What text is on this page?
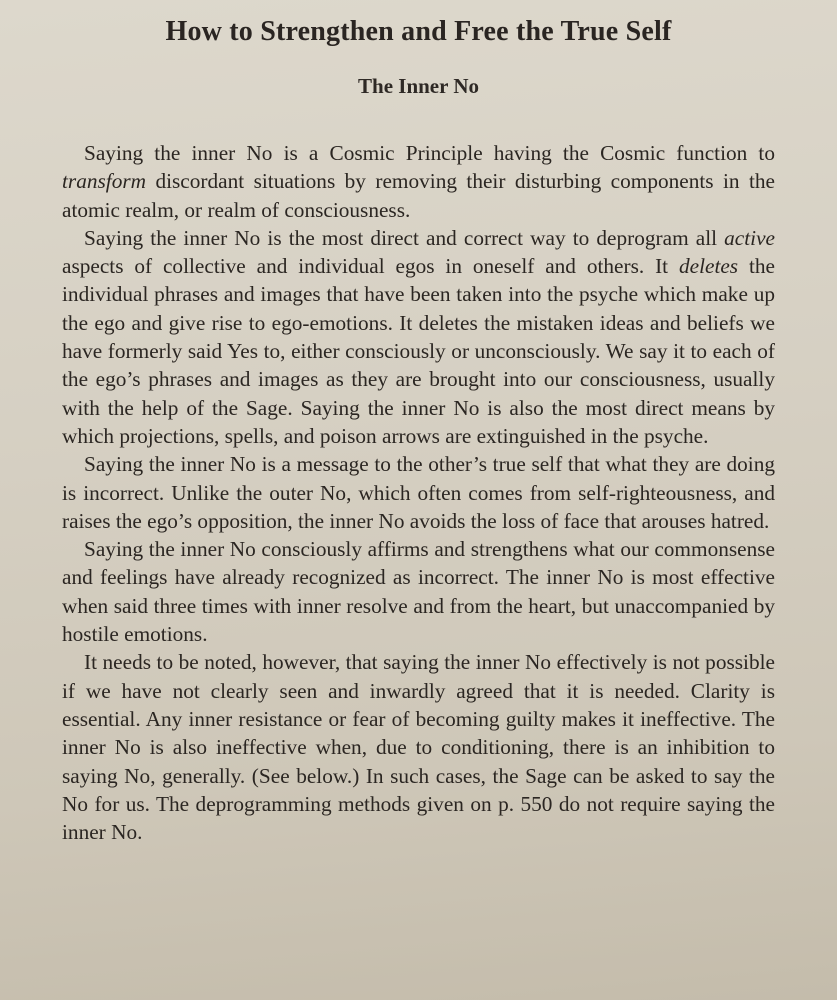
How to Strengthen and Free the True Self
The Inner No

Saying the inner No is a Cosmic Principle having the Cosmic function to transform discordant situations by removing their disturbing components in the atomic realm, or realm of consciousness.

Saying the inner No is the most direct and correct way to deprogram all active aspects of collective and individual egos in oneself and others. It deletes the individual phrases and images that have been taken into the psyche which make up the ego and give rise to ego-emotions. It deletes the mistaken ideas and beliefs we have formerly said Yes to, either consciously or unconsciously. We say it to each of the ego’s phrases and images as they are brought into our consciousness, usually with the help of the Sage. Saying the inner No is also the most direct means by which projections, spells, and poison arrows are extinguished in the psyche.

Saying the inner No is a message to the other’s true self that what they are doing is incorrect. Unlike the outer No, which often comes from self-righteousness, and raises the ego’s opposition, the inner No avoids the loss of face that arouses hatred.

Saying the inner No consciously affirms and strengthens what our commonsense and feelings have already recognized as incorrect. The inner No is most effective when said three times with inner resolve and from the heart, but unaccompanied by hostile emotions.

It needs to be noted, however, that saying the inner No effectively is not possible if we have not clearly seen and inwardly agreed that it is needed. Clarity is essential. Any inner resistance or fear of becoming guilty makes it ineffective. The inner No is also ineffective when, due to conditioning, there is an inhibition to saying No, generally. (See below.) In such cases, the Sage can be asked to say the No for us. The deprogramming methods given on p. 550 do not require saying the inner No.
